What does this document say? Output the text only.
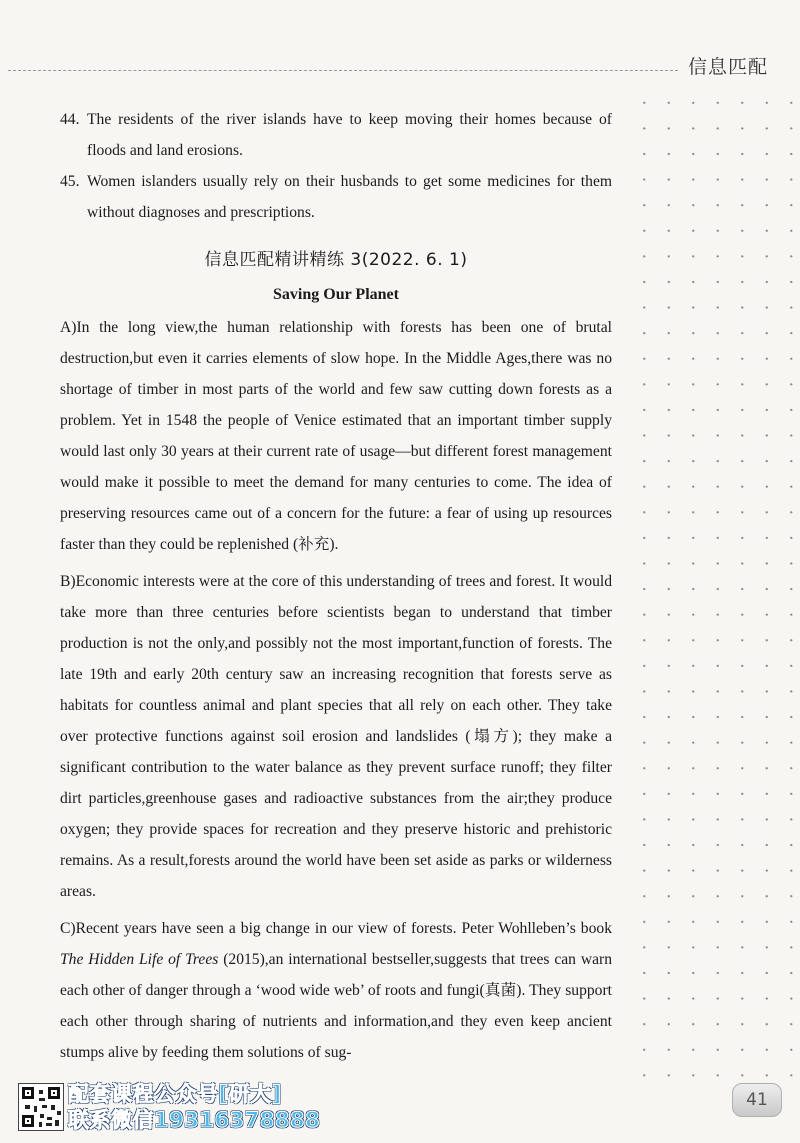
信息匹配
44. The residents of the river islands have to keep moving their homes because of floods and land erosions.
45. Women islanders usually rely on their husbands to get some medicines for them without diagnoses and prescriptions.
信息匹配精讲精练 3(2022. 6. 1)
Saving Our Planet

A)In the long view,the human relationship with forests has been one of brutal destruction,but even it carries elements of slow hope. In the Middle Ages,there was no shortage of timber in most parts of the world and few saw cutting down forests as a problem. Yet in 1548 the people of Venice estimated that an important timber supply would last only 30 years at their current rate of usage—but different forest management would make it possible to meet the demand for many centuries to come. The idea of preserving resources came out of a concern for the future: a fear of using up resources faster than they could be replenished (补充).

B)Economic interests were at the core of this understanding of trees and forest. It would take more than three centuries before scientists began to understand that timber production is not the only,and possibly not the most important,function of forests. The late 19th and early 20th century saw an increasing recognition that forests serve as habitats for countless animal and plant species that all rely on each other. They take over protective functions against soil erosion and landslides (塌方); they make a significant contribution to the water balance as they prevent surface runoff; they filter dirt particles,greenhouse gases and radioactive substances from the air;they produce oxygen; they provide spaces for recreation and they preserve historic and prehistoric remains. As a result,forests around the world have been set aside as parks or wilderness areas.

C)Recent years have seen a big change in our view of forests. Peter Wohlleben’s book The Hidden Life of Trees (2015),an international bestseller,suggests that trees can warn each other of danger through a ‘wood wide web’ of roots and fungi(真菌). They support each other through sharing of nutrients and information,and they even keep ancient stumps alive by feeding them solutions of sug-

配套课程公众号[研大]
联系微信19316378888
41
